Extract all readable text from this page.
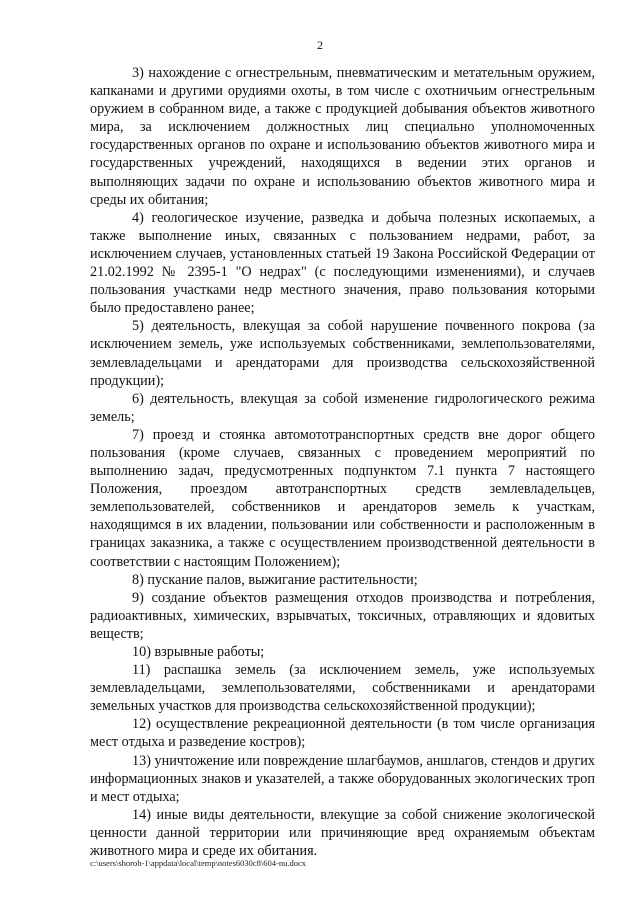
2

3) нахождение с огнестрельным, пневматическим и метательным оружием, капканами и другими орудиями охоты, в том числе с охотничьим огнестрельным оружием в собранном виде, а также с продукцией добывания объектов животного мира, за исключением должностных лиц специально уполномоченных государственных органов по охране и использованию объектов животного мира и государственных учреждений, находящихся в ведении этих органов и выполняющих задачи по охране и использованию объектов животного мира и среды их обитания;

4) геологическое изучение, разведка и добыча полезных ископаемых, а также выполнение иных, связанных с пользованием недрами, работ, за исключением случаев, установленных статьей 19 Закона Российской Федерации от 21.02.1992 № 2395-1 "О недрах" (с последующими изменениями), и случаев пользования участками недр местного значения, право пользования которыми было предоставлено ранее;

5) деятельность, влекущая за собой нарушение почвенного покрова (за исключением земель, уже используемых собственниками, землепользователями, землевладельцами и арендаторами для производства сельскохозяйственной продукции);

6) деятельность, влекущая за собой изменение гидрологического режима земель;

7) проезд и стоянка автомототранспортных средств вне дорог общего пользования (кроме случаев, связанных с проведением мероприятий по выполнению задач, предусмотренных подпунктом 7.1 пункта 7 настоящего Положения, проездом автотранспортных средств землевладельцев, землепользователей, собственников и арендаторов земель к участкам, находящимся в их владении, пользовании или собственности и расположенным в границах заказника, а также с осуществлением производственной деятельности в соответствии с настоящим Положением);

8) пускание палов, выжигание растительности;

9) создание объектов размещения отходов производства и потребления, радиоактивных, химических, взрывчатых, токсичных, отравляющих и ядовитых веществ;

10) взрывные работы;

11) распашка земель (за исключением земель, уже используемых землевладельцами, землепользователями, собственниками и арендаторами земельных участков для производства сельскохозяйственной продукции);

12) осуществление рекреационной деятельности (в том числе организация мест отдыха и разведение костров);

13) уничтожение или повреждение шлагбаумов, аншлагов, стендов и других информационных знаков и указателей, а также оборудованных экологических троп и мест отдыха;

14) иные виды деятельности, влекущие за собой снижение экологической ценности данной территории или причиняющие вред охраняемым объектам животного мира и среде их обитания.

c:\users\shoroh-1\appdata\local\temp\notes6030c8\604-nu.docx
